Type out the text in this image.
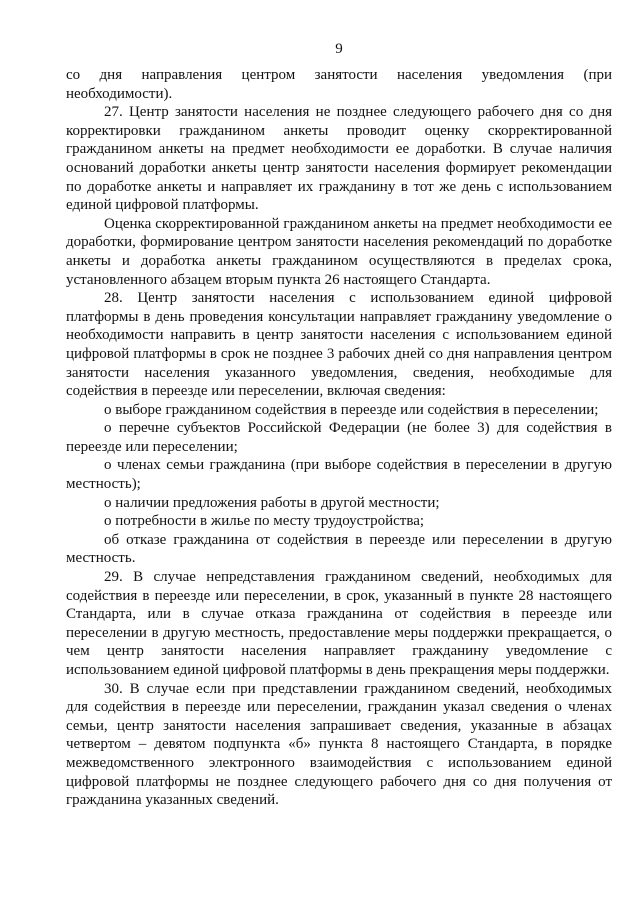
9

со дня направления центром занятости населения уведомления (при необходимости).

27. Центр занятости населения не позднее следующего рабочего дня со дня корректировки гражданином анкеты проводит оценку скорректированной гражданином анкеты на предмет необходимости ее доработки. В случае наличия оснований доработки анкеты центр занятости населения формирует рекомендации по доработке анкеты и направляет их гражданину в тот же день с использованием единой цифровой платформы.

Оценка скорректированной гражданином анкеты на предмет необходимости ее доработки, формирование центром занятости населения рекомендаций по доработке анкеты и доработка анкеты гражданином осуществляются в пределах срока, установленного абзацем вторым пункта 26 настоящего Стандарта.

28. Центр занятости населения с использованием единой цифровой платформы в день проведения консультации направляет гражданину уведомление о необходимости направить в центр занятости населения с использованием единой цифровой платформы в срок не позднее 3 рабочих дней со дня направления центром занятости населения указанного уведомления, сведения, необходимые для содействия в переезде или переселении, включая сведения:

о выборе гражданином содействия в переезде или содействия в переселении;

о перечне субъектов Российской Федерации (не более 3) для содействия в переезде или переселении;

о членах семьи гражданина (при выборе содействия в переселении в другую местность);

о наличии предложения работы в другой местности;

о потребности в жилье по месту трудоустройства;

об отказе гражданина от содействия в переезде или переселении в другую местность.

29. В случае непредставления гражданином сведений, необходимых для содействия в переезде или переселении, в срок, указанный в пункте 28 настоящего Стандарта, или в случае отказа гражданина от содействия в переезде или переселении в другую местность, предоставление меры поддержки прекращается, о чем центр занятости населения направляет гражданину уведомление с использованием единой цифровой платформы в день прекращения меры поддержки.

30. В случае если при представлении гражданином сведений, необходимых для содействия в переезде или переселении, гражданин указал сведения о членах семьи, центр занятости населения запрашивает сведения, указанные в абзацах четвертом – девятом подпункта «б» пункта 8 настоящего Стандарта, в порядке межведомственного электронного взаимодействия с использованием единой цифровой платформы не позднее следующего рабочего дня со дня получения от гражданина указанных сведений.
